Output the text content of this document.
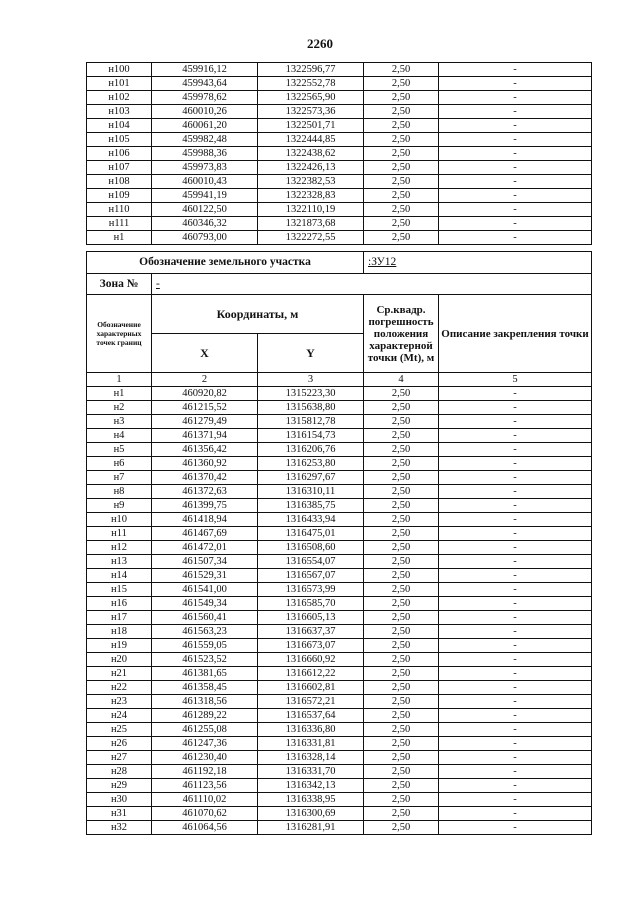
2260
н100	459916,12	1322596,77	2,50	-
н101	459943,64	1322552,78	2,50	-
н102	459978,62	1322565,90	2,50	-
н103	460010,26	1322573,36	2,50	-
н104	460061,20	1322501,71	2,50	-
н105	459982,48	1322444,85	2,50	-
н106	459988,36	1322438,62	2,50	-
н107	459973,83	1322426,13	2,50	-
н108	460010,43	1322382,53	2,50	-
н109	459941,19	1322328,83	2,50	-
н110	460122,50	1322110,19	2,50	-
н111	460346,32	1321873,68	2,50	-
н1	460793,00	1322272,55	2,50	-
Обозначение земельного участка			:ЗУ12	
Зона №	-			
Обозначение характерных точек границ	Координаты, м		Ср.квадр. погрешность положения характерной точки (Mt), м	Описание закрепления точки
	X	Y		
1	2	3	4	5
н1	460920,82	1315223,30	2,50	-
н2	461215,52	1315638,80	2,50	-
н3	461279,49	1315812,78	2,50	-
н4	461371,94	1316154,73	2,50	-
н5	461356,42	1316206,76	2,50	-
н6	461360,92	1316253,80	2,50	-
н7	461370,42	1316297,67	2,50	-
н8	461372,63	1316310,11	2,50	-
н9	461399,75	1316385,75	2,50	-
н10	461418,94	1316433,94	2,50	-
н11	461467,69	1316475,01	2,50	-
н12	461472,01	1316508,60	2,50	-
н13	461507,34	1316554,07	2,50	-
н14	461529,31	1316567,07	2,50	-
н15	461541,00	1316573,99	2,50	-
н16	461549,34	1316585,70	2,50	-
н17	461560,41	1316605,13	2,50	-
н18	461563,23	1316637,37	2,50	-
н19	461559,05	1316673,07	2,50	-
н20	461523,52	1316660,92	2,50	-
н21	461381,65	1316612,22	2,50	-
н22	461358,45	1316602,81	2,50	-
н23	461318,56	1316572,21	2,50	-
н24	461289,22	1316537,64	2,50	-
н25	461255,08	1316336,80	2,50	-
н26	461247,36	1316331,81	2,50	-
н27	461230,40	1316328,14	2,50	-
н28	461192,18	1316331,70	2,50	-
н29	461123,56	1316342,13	2,50	-
н30	461110,02	1316338,95	2,50	-
н31	461070,62	1316300,69	2,50	-
н32	461064,56	1316281,91	2,50	-
